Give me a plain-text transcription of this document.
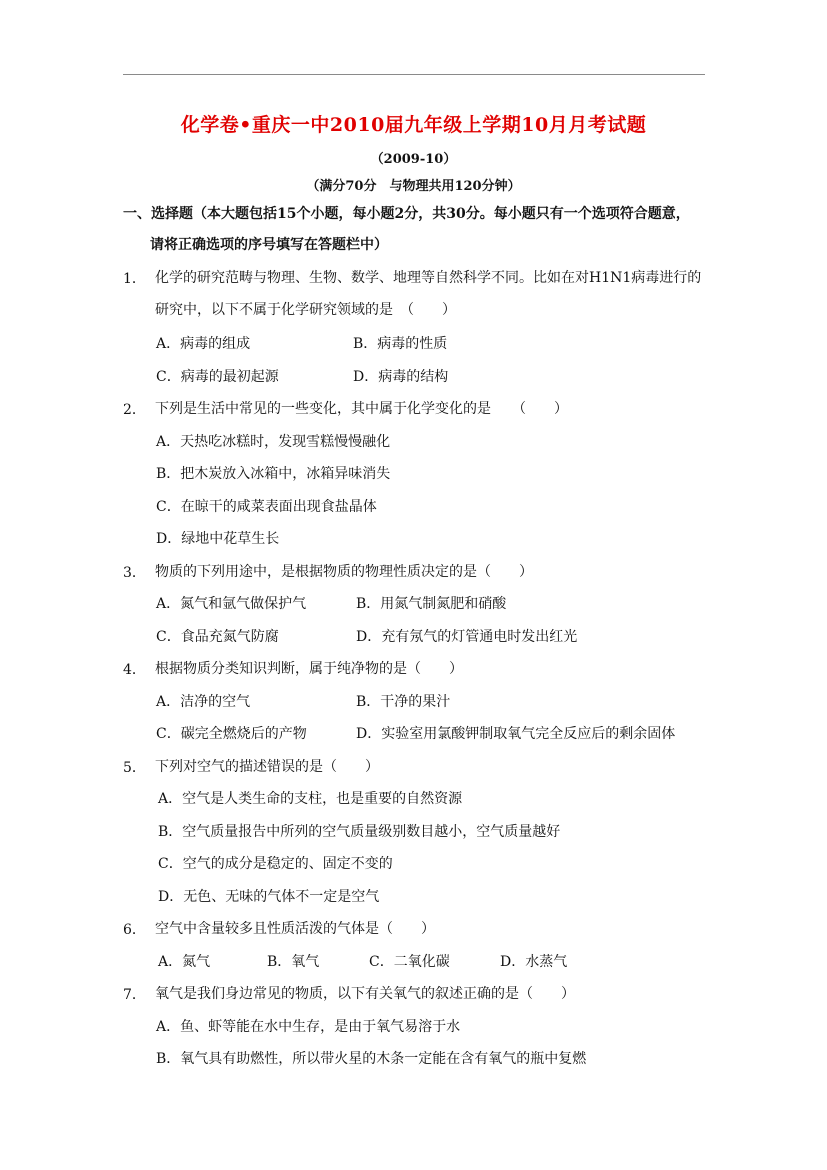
化学卷•重庆一中2010届九年级上学期10月月考试题
（2009-10）
（满分70分　与物理共用120分钟）
一、选择题（本大题包括15个小题，每小题2分，共30分。每小题只有一个选项符合题意，
请将正确选项的序号填写在答题栏中）
1． 化学的研究范畴与物理、生物、数学、地理等自然科学不同。比如在对H1N1病毒进行的
研究中，以下不属于化学研究领域的是　（　　）
A．病毒的组成	B．病毒的性质
C．病毒的最初起源	D．病毒的结构
2． 下列是生活中常见的一些变化，其中属于化学变化的是　　（　　）
A．天热吃冰糕时，发现雪糕慢慢融化
B．把木炭放入冰箱中，冰箱异味消失
C．在晾干的咸菜表面出现食盐晶体
D．绿地中花草生长
3． 物质的下列用途中，是根据物质的物理性质决定的是（　　）
A．氮气和氩气做保护气	B．用氮气制氮肥和硝酸
C．食品充氮气防腐	D．充有氖气的灯管通电时发出红光
4． 根据物质分类知识判断，属于纯净物的是（　　）
A．洁净的空气	B．干净的果汁
C．碳完全燃烧后的产物	D．实验室用氯酸钾制取氧气完全反应后的剩余固体
5． 下列对空气的描述错误的是（　　）
A．空气是人类生命的支柱，也是重要的自然资源
B．空气质量报告中所列的空气质量级别数目越小，空气质量越好
C．空气的成分是稳定的、固定不变的
D．无色、无味的气体不一定是空气
6． 空气中含量较多且性质活泼的气体是（　　）
A．氮气	B．氧气	C．二氧化碳	D．水蒸气
7． 氧气是我们身边常见的物质，以下有关氧气的叙述正确的是（　　）
A．鱼、虾等能在水中生存，是由于氧气易溶于水
B．氧气具有助燃性，所以带火星的木条一定能在含有氧气的瓶中复燃
